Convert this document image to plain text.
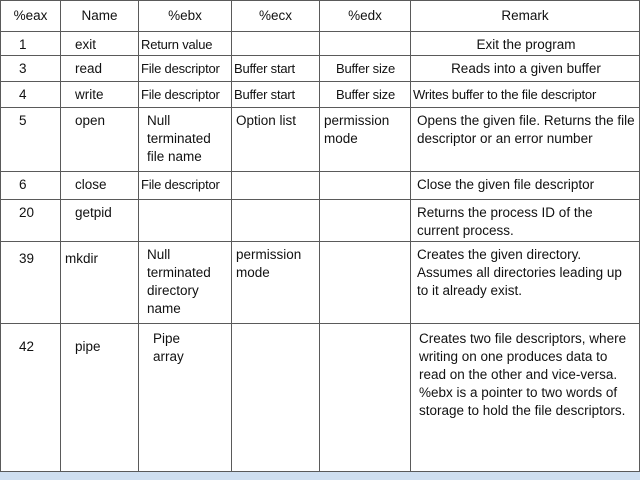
%eax	Name	%ebx	%ecx	%edx	Remark
1	exit	Return value			Exit the program
3	read	File descriptor	Buffer start	Buffer size	Reads into a given buffer
4	write	File descriptor	Buffer start	Buffer size	Writes buffer to the file descriptor
5	open	Null terminated file name	Option list	permission mode	Opens the given file. Returns the file descriptor or an error number
6	close	File descriptor			Close the given file descriptor
20	getpid				Returns the process ID of the current process.
39	mkdir	Null terminated directory name	permission mode		Creates the given directory. Assumes all directories leading up to it already exist.
42	pipe	Pipe array			Creates two file descriptors, where writing on one produces data to read on the other and vice-versa. %ebx is a pointer to two words of storage to hold the file descriptors.
